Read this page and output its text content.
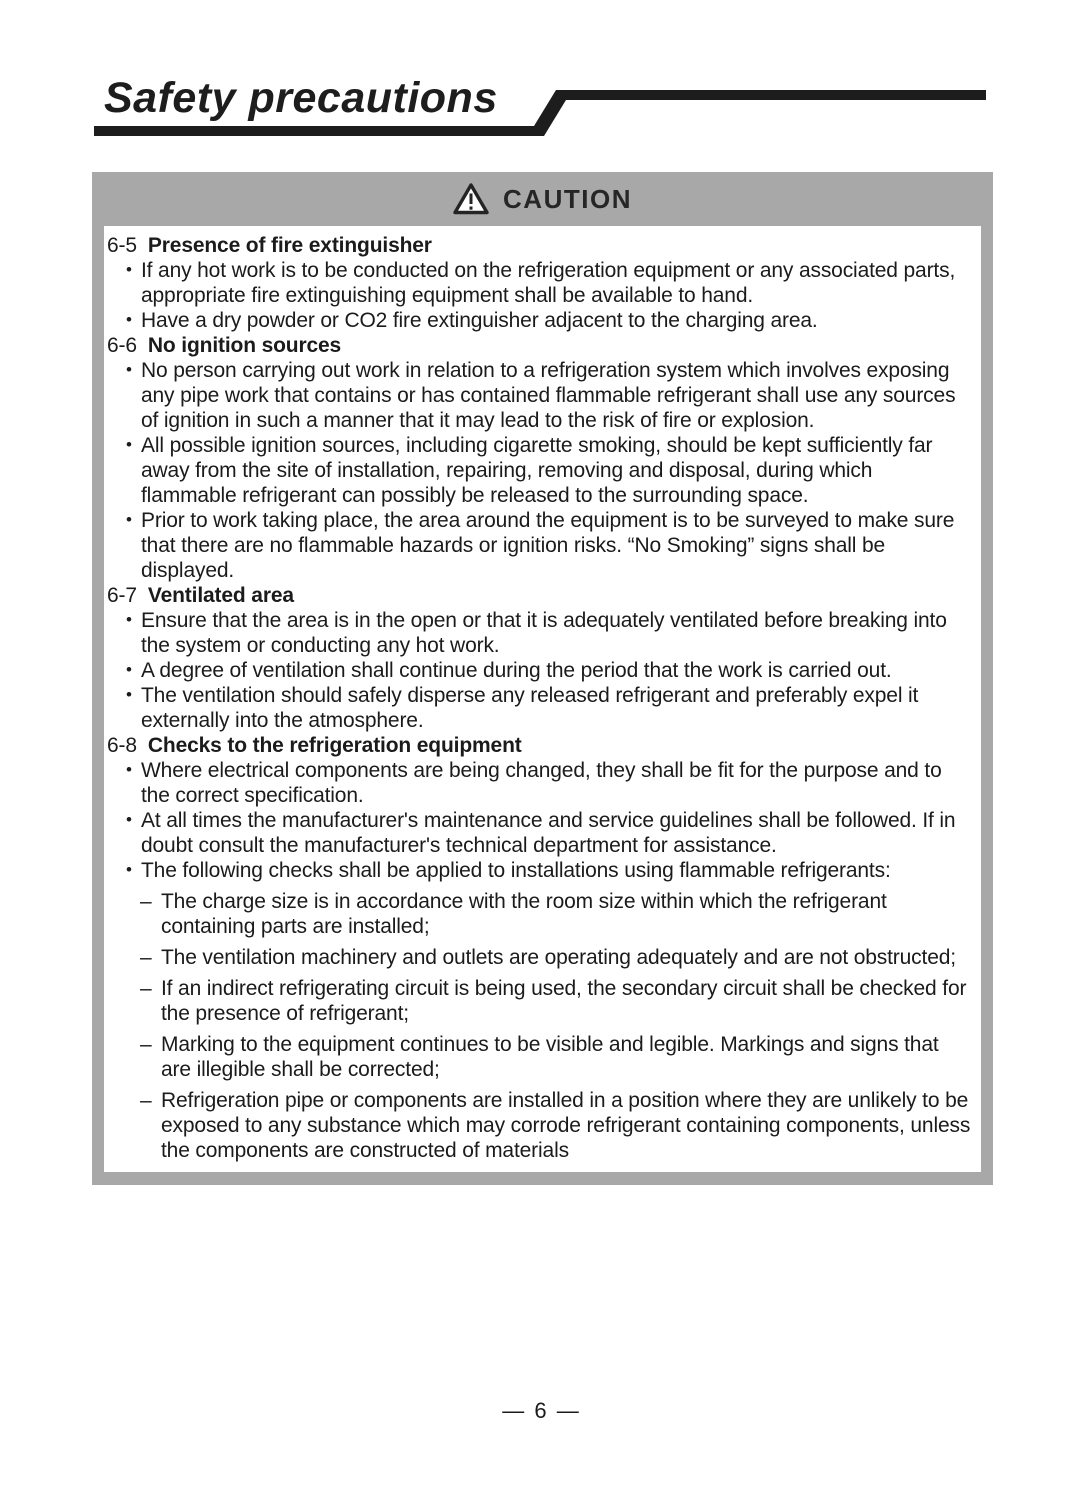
Safety precautions
CAUTION
6-5 Presence of fire extinguisher
• If any hot work is to be conducted on the refrigeration equipment or any associated parts, appropriate fire extinguishing equipment shall be available to hand.
• Have a dry powder or CO2 fire extinguisher adjacent to the charging area.
6-6 No ignition sources
• No person carrying out work in relation to a refrigeration system which involves exposing any pipe work that contains or has contained flammable refrigerant shall use any sources of ignition in such a manner that it may lead to the risk of fire or explosion.
• All possible ignition sources, including cigarette smoking, should be kept sufficiently far away from the site of installation, repairing, removing and disposal, during which flammable refrigerant can possibly be released to the surrounding space.
• Prior to work taking place, the area around the equipment is to be surveyed to make sure that there are no flammable hazards or ignition risks. “No Smoking” signs shall be displayed.
6-7 Ventilated area
• Ensure that the area is in the open or that it is adequately ventilated before breaking into the system or conducting any hot work.
• A degree of ventilation shall continue during the period that the work is carried out.
• The ventilation should safely disperse any released refrigerant and preferably expel it externally into the atmosphere.
6-8 Checks to the refrigeration equipment
• Where electrical components are being changed, they shall be fit for the purpose and to the correct specification.
• At all times the manufacturer's maintenance and service guidelines shall be followed. If in doubt consult the manufacturer's technical department for assistance.
• The following checks shall be applied to installations using flammable refrigerants:
– The charge size is in accordance with the room size within which the refrigerant containing parts are installed;
– The ventilation machinery and outlets are operating adequately and are not obstructed;
– If an indirect refrigerating circuit is being used, the secondary circuit shall be checked for the presence of refrigerant;
– Marking to the equipment continues to be visible and legible. Markings and signs that are illegible shall be corrected;
– Refrigeration pipe or components are installed in a position where they are unlikely to be exposed to any substance which may corrode refrigerant containing components, unless the components are constructed of materials
— 6 —
